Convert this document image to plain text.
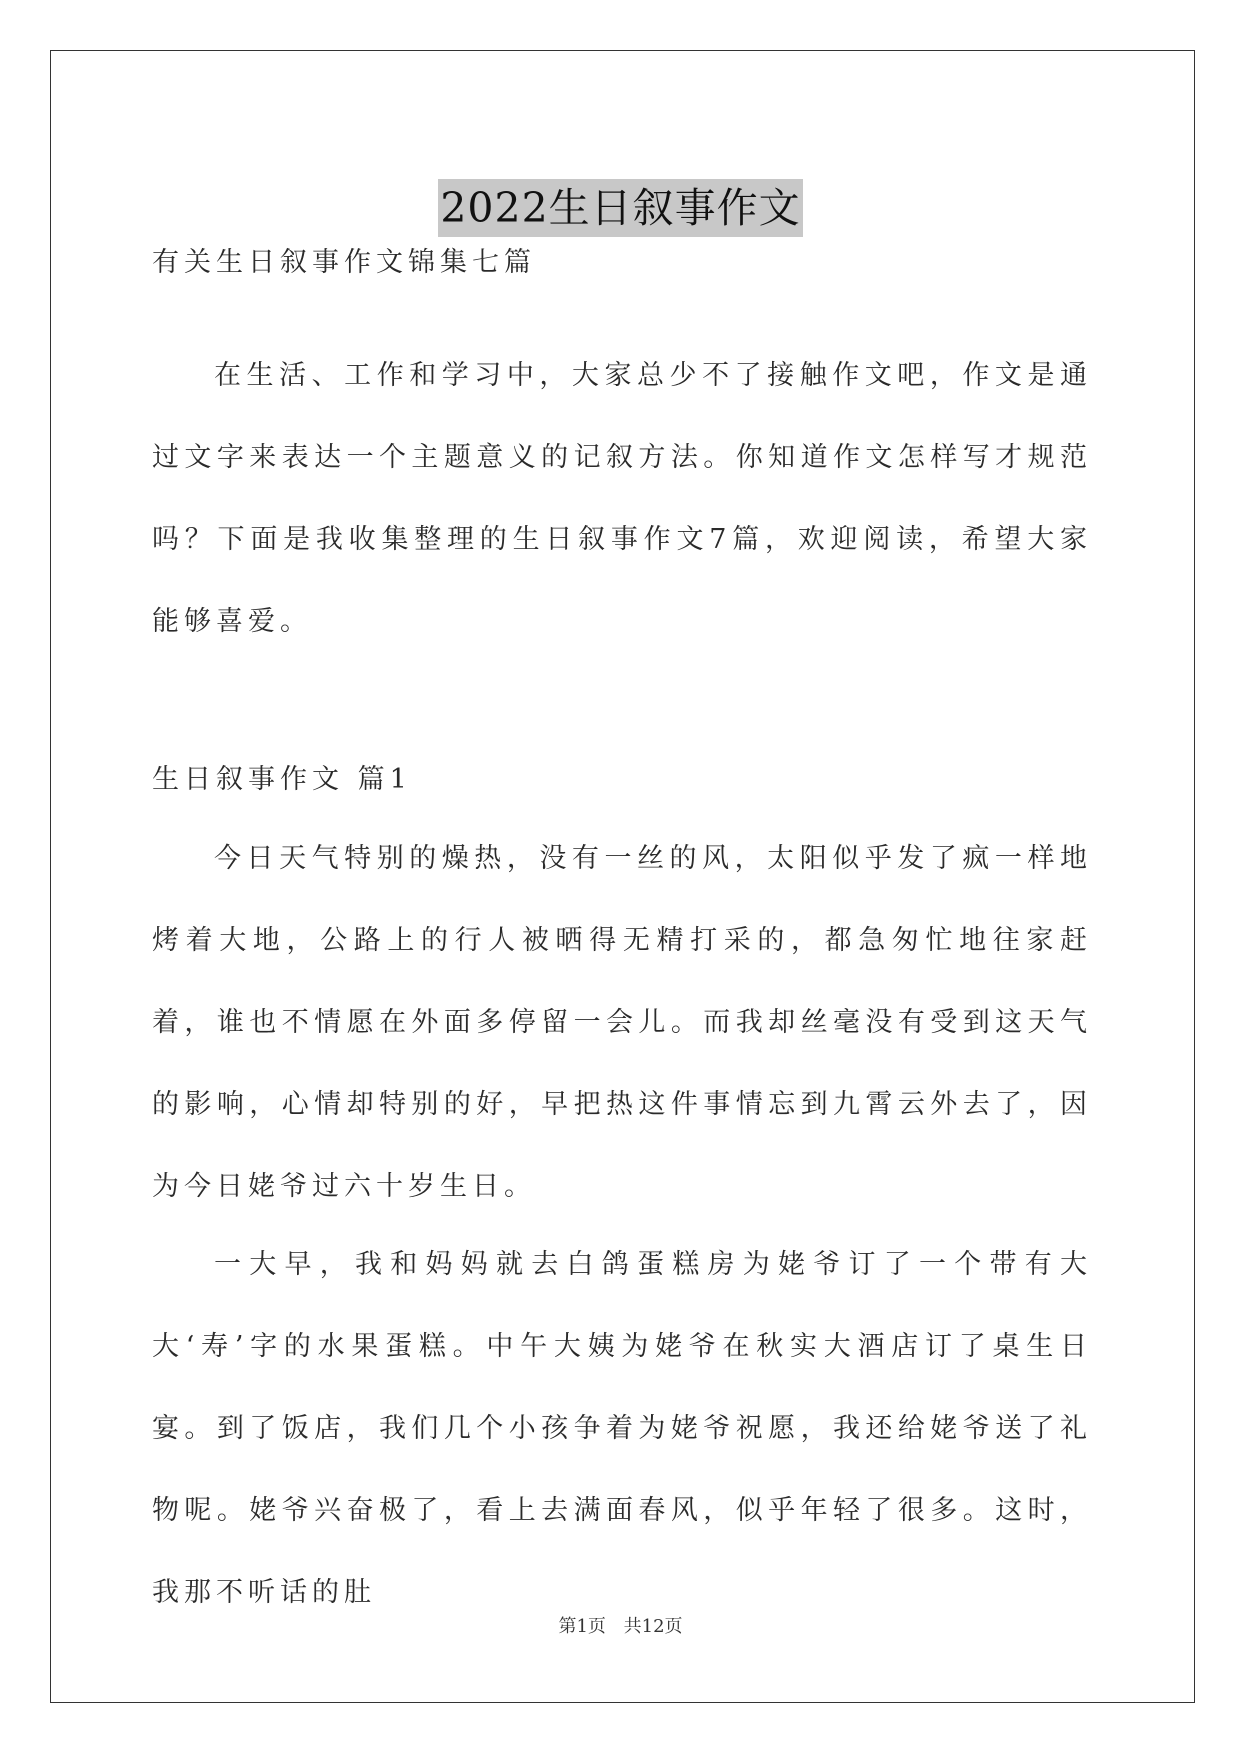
2022生日叙事作文
有关生日叙事作文锦集七篇
在生活、工作和学习中，大家总少不了接触作文吧，作文是通过文字来表达一个主题意义的记叙方法。你知道作文怎样写才规范吗？下面是我收集整理的生日叙事作文7篇，欢迎阅读，希望大家能够喜爱。
生日叙事作文 篇1
今日天气特别的燥热，没有一丝的风，太阳似乎发了疯一样地烤着大地，公路上的行人被晒得无精打采的，都急匆忙地往家赶着，谁也不情愿在外面多停留一会儿。而我却丝毫没有受到这天气的影响，心情却特别的好，早把热这件事情忘到九霄云外去了，因为今日姥爷过六十岁生日。
一大早，我和妈妈就去白鸽蛋糕房为姥爷订了一个带有大大‘寿’字的水果蛋糕。中午大姨为姥爷在秋实大酒店订了桌生日宴。到了饭店，我们几个小孩争着为姥爷祝愿，我还给姥爷送了礼物呢。姥爷兴奋极了，看上去满面春风，似乎年轻了很多。这时，我那不听话的肚
第1页 共12页
